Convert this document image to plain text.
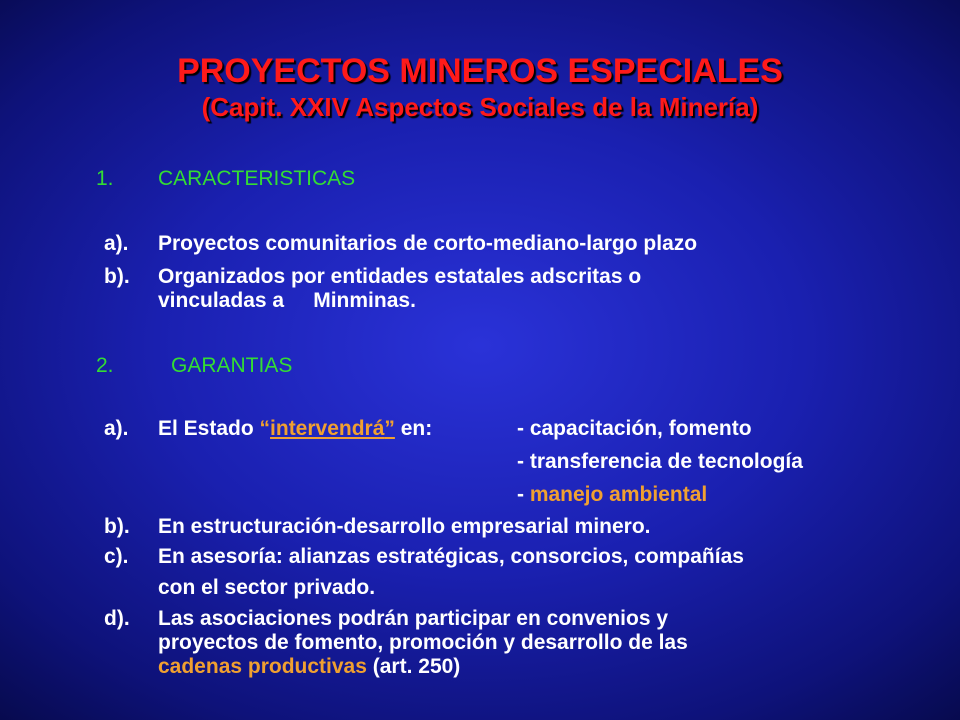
PROYECTOS MINEROS ESPECIALES
(Capit. XXIV Aspectos Sociales de la Minería)
1. CARACTERISTICAS
a). Proyectos comunitarios de corto-mediano-largo plazo
b). Organizados por entidades estatales adscritas o
vinculadas a     Minminas.
2.	GARANTIAS
a). El Estado “intervendrá” en:	- capacitación, fomento
- transferencia de tecnología
- manejo ambiental
b). En estructuración-desarrollo empresarial minero.
c). En asesoría: alianzas estratégicas, consorcios, compañías
con el sector privado.
d). Las asociaciones podrán participar en convenios y
proyectos de fomento, promoción y desarrollo de las
cadenas productivas (art. 250)
